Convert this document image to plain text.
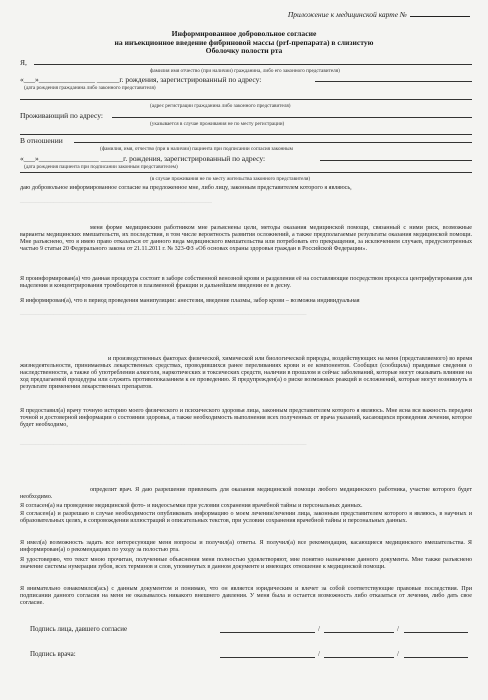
Приложение к медицинской карте №
Информированное добровольное согласие
на инъекционное введение фибриновой массы (prf-препарата) в слизистую
Оболочку полости рта
Я,
фамилия имя отчество (при наличии) гражданина, либо его законного представителя)
«___»_______________ ______г. рождения, зарегистрированный по адресу:
(дата рождения гражданина либо законного представителя)
(адрес регистрации гражданина либо законного представителя)
Проживающий по адресу:
(указывается в случае проживания не по месту регистрации)
В отношении
(фамилия, имя, отчество (при в наличии) пациента при подписании согласия законным
«___»________________ ______г. рождения, зарегистрированный по адресу:
(дата рождения пациента при подписании законным представителем)
(в случае проживания не по месту жительства законного представителя)

даю добровольное информированное согласие на предложенное мне, либо лицу, законным представителем которого я являюсь,

_______________________________________________________________

меня форме медицинским работником мне разъяснены цели, методы оказания медицинской помощи, связанный с ними риск, возможные варианты медицинских вмешательств, их последствия, в том числе вероятность развития осложнений, а также предполагаемые результаты оказания медицинской помощи. Мне разъяснено, что я имею право отказаться от данного вида медицинского вмешательства или потребовать его прекращения, за исключением случаев, предусмотренных частью 9 статьи 20 Федерального закона от 21.11.2011 г. № 323-ФЗ «Об основах охраны здоровья граждан в Российской Федерации».
Я проинформирован(а) что данная процедура состоит в заборе собственной венозной крови и разделения её на составляющие посредством процесса центрифугирования для выделения и концентрирования тромбоцитов в плазменной фракции и дальнейшем введении ее в десну.
Я информирован(а), что в период проведения манипуляции: анестезия, введение плазмы, забор крови – возможна индивидуальная
______________________________________________________________________________________________
и производственных факторах физической, химической или биологической природы, воздействующих на меня (представляемого) во время жизнедеятельности, принимаемых лекарственных средствах, проводившихся ранее переливаниях крови и ее компонентов. Сообщил (сообщила) правдивые сведения о наследственности, а также об употреблении алкоголя, наркотических и токсических средств, наличии в прошлом и сейчас заболеваний, которые могут оказывать влияние на ход предлагаемой процедуры или служить противопоказанием к ее проведению. Я предупрежден(а) о риске возможных реакций и осложнений, которые могут возникнуть в результате применения лекарственных препаратов.
Я предоставил(а) врачу точную историю моего физического и психического здоровья лица, законным представителем которого я являюсь. Мне ясна вся важность передачи точной и достоверной информации о состоянии здоровья, а также необходимость выполнения всех полученных от врача указаний, касающихся проведения лечения, которое будет необходимо,
______________________________________________________________________________________________
определит врач. Я даю разрешение привлекать для оказания медицинской помощи любого медицинского работника, участие которого будет необходимо.
Я согласен(а) на проведение медицинской фото- и видеосъемки при условии сохранения врачебной тайны и персональных данных.
Я согласен(а) и разрешаю в случае необходимости опубликовать информацию о моем лечении/лечении лица, законным представителем которого я являюсь, в научных и образовательных целях, в сопровождении иллюстраций и описательных текстов, при условии сохранения врачебной тайны и персональных данных.
Я имел(а) возможность задать все интересующие меня вопросы и получил(а) ответы. Я получил(а) все рекомендации, касающиеся медицинского вмешательства. Я информирован(а) о рекомендациях по уходу за полостью рта.
Я удостоверяю, что текст мною прочитан, полученные объяснения меня полностью удовлетворяют, мне понятно назначение данного документа. Мне также разъяснено значение системы нумерации зубов, всех терминов и слов, упомянутых в данном документе и имеющих отношение к медицинской помощи.
Я внимательно ознакомился(ась) с данным документом и понимаю, что он является юридическим и влечет за собой соответствующие правовые последствия. При подписании данного согласия на меня не оказывалось никакого внешнего давления. У меня была и остается возможность либо отказаться от лечения, либо дать свое согласие.
Подпись лица, давшего согласие	/	/
Подпись врача:	/	/
